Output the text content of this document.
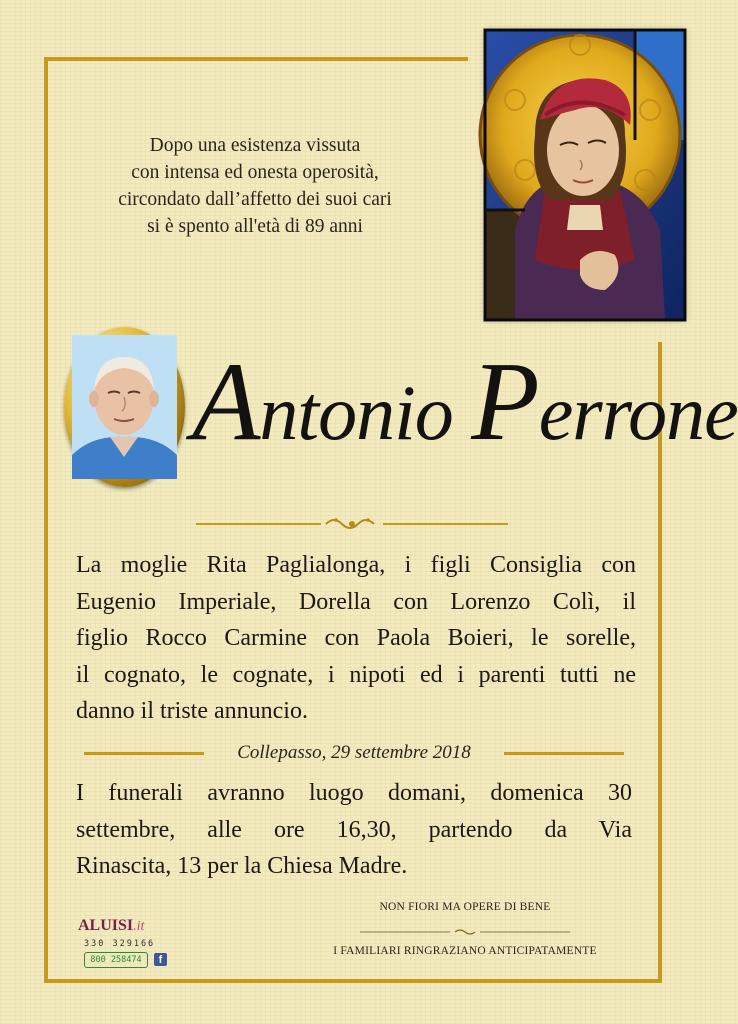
Dopo una esistenza vissuta
con intensa ed onesta operosità,
circondato dall’affetto dei suoi cari
si è spento all'età di 89 anni
Antonio Perrone
La moglie Rita Paglialonga, i figli Consiglia con
Eugenio Imperiale, Dorella con Lorenzo Colì, il
figlio Rocco Carmine con Paola Boieri, le sorelle,
il cognato, le cognate, i nipoti ed i parenti tutti ne
danno il triste annuncio.
Collepasso, 29 settembre 2018
I funerali avranno luogo domani, domenica 30
settembre, alle ore 16,30, partendo da Via
Rinascita, 13 per la Chiesa Madre.
ALUISI.it
330 329166
800 258474	f
NON FIORI MA OPERE DI BENE
I FAMILIARI RINGRAZIANO ANTICIPATAMENTE
